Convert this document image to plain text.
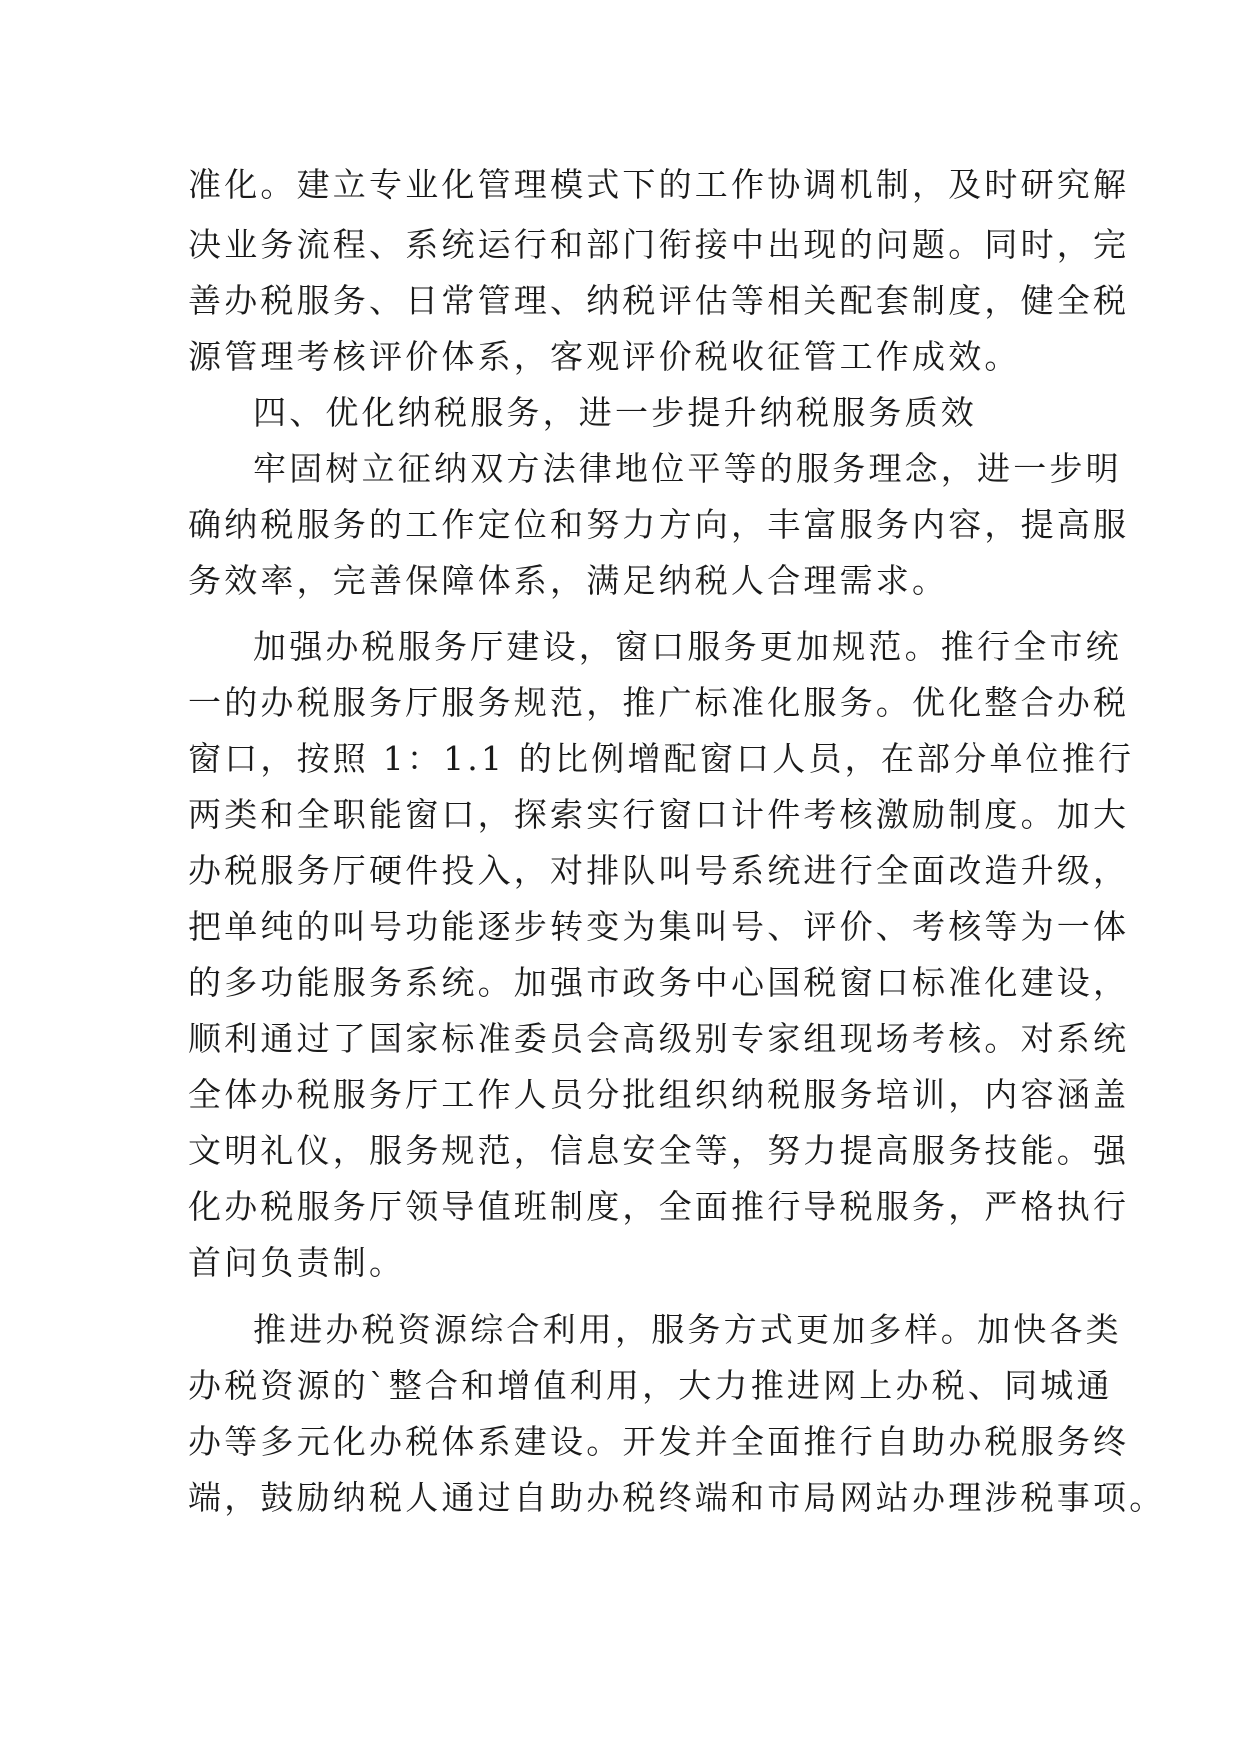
准化。建立专业化管理模式下的工作协调机制，及时研究解
决业务流程、系统运行和部门衔接中出现的问题。同时，完
善办税服务、日常管理、纳税评估等相关配套制度，健全税
源管理考核评价体系，客观评价税收征管工作成效。
四、优化纳税服务，进一步提升纳税服务质效
牢固树立征纳双方法律地位平等的服务理念，进一步明
确纳税服务的工作定位和努力方向，丰富服务内容，提高服
务效率，完善保障体系，满足纳税人合理需求。
加强办税服务厅建设，窗口服务更加规范。推行全市统
一的办税服务厅服务规范，推广标准化服务。优化整合办税
窗口，按照 1：1.1 的比例增配窗口人员，在部分单位推行
两类和全职能窗口，探索实行窗口计件考核激励制度。加大
办税服务厅硬件投入，对排队叫号系统进行全面改造升级，
把单纯的叫号功能逐步转变为集叫号、评价、考核等为一体
的多功能服务系统。加强市政务中心国税窗口标准化建设，
顺利通过了国家标准委员会高级别专家组现场考核。对系统
全体办税服务厅工作人员分批组织纳税服务培训，内容涵盖
文明礼仪，服务规范，信息安全等，努力提高服务技能。强
化办税服务厅领导值班制度，全面推行导税服务，严格执行
首问负责制。
推进办税资源综合利用，服务方式更加多样。加快各类
办税资源的`整合和增值利用，大力推进网上办税、同城通
办等多元化办税体系建设。开发并全面推行自助办税服务终
端，鼓励纳税人通过自助办税终端和市局网站办理涉税事项。
